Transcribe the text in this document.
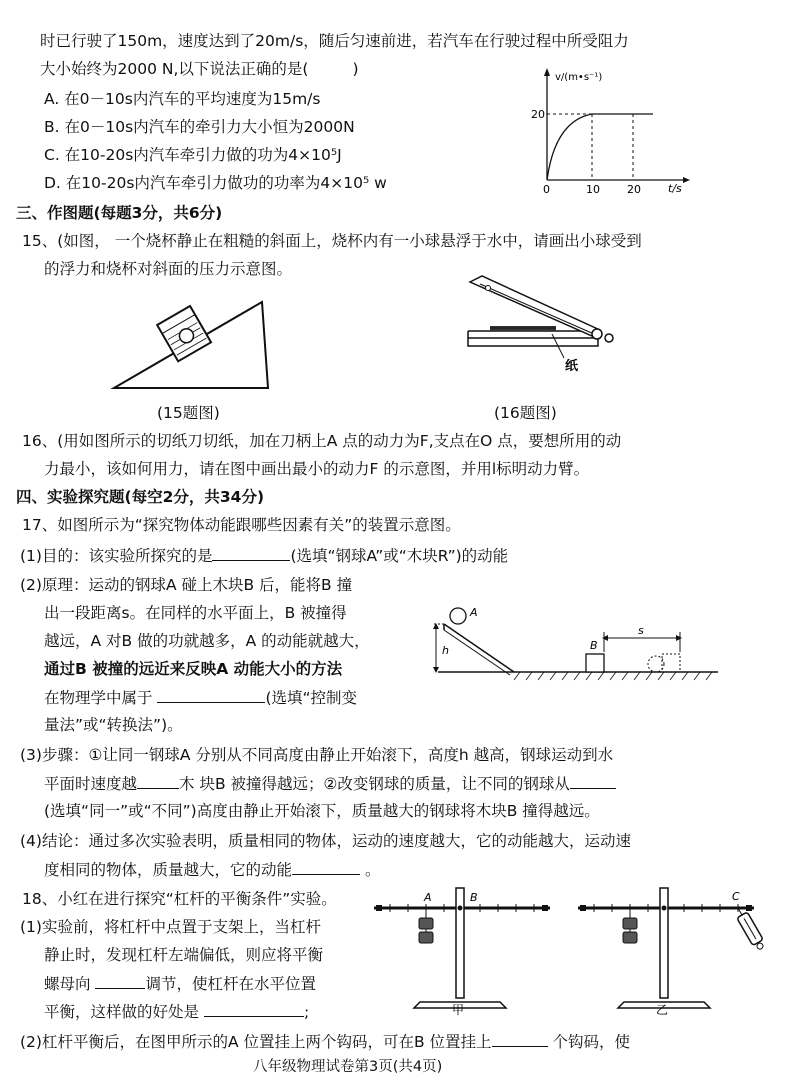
时已行驶了150m，速度达到了20m/s，随后匀速前进，若汽车在行驶过程中所受阻力
大小始终为2000 N,以下说法正确的是(	)
A. 在0－10s内汽车的平均速度为15m/s
B. 在0－10s内汽车的牵引力大小恒为2000N
C. 在10-20s内汽车牵引力做的功为4×10⁵J
D. 在10-20s内汽车牵引力做功的功率为4×10⁵ w
v/(m•s⁻¹)
20
0	10 20 t/s
三、作图题(每题3分，共6分)
15、(如图， 一个烧杯静止在粗糙的斜面上，烧杯内有一小球悬浮于水中，请画出小球受到
的浮力和烧杯对斜面的压力示意图。
(15题图)
纸
(16题图)
16、(用如图所示的切纸刀切纸，加在刀柄上A 点的动力为F,支点在O 点，要想所用的动
力最小，该如何用力，请在图中画出最小的动力F 的示意图，并用l标明动力臂。
四、实验探究题(每空2分，共34分)
17、如图所示为“探究物体动能跟哪些因素有关”的装置示意图。
(1)目的：该实验所探究的是	(选填“钢球A”或“木块R”)的动能
(2)原理：运动的钢球A 碰上木块B 后，能将B 撞
出一段距离s。在同样的水平面上，B 被撞得
越远，A 对B 做的功就越多，A 的动能就越大，
通过B 被撞的远近来反映A 动能大小的方法
在物理学中属于	(选填“控制变
量法”或“转换法”)。
A
h	B
s
(3)步骤：①让同一钢球A 分别从不同高度由静止开始滚下，高度h 越高，钢球运动到水
平面时速度越	木 块B 被撞得越远；②改变钢球的质量，让不同的钢球从
(选填“同一”或“不同”)高度由静止开始滚下，质量越大的钢球将木块B 撞得越远。
(4)结论：通过多次实验表明，质量相同的物体，运动的速度越大，它的动能越大，运动速
度相同的物体，质量越大，它的动能	。
18、小红在进行探究“杠杆的平衡条件”实验。
(1)实验前，将杠杆中点置于支架上，当杠杆
静止时，发现杠杆左端偏低，则应将平衡
螺母向	调节，使杠杆在水平位置
平衡，这样做的好处是	;
(2)杠杆平衡后，在图甲所示的A 位置挂上两个钩码，可在B 位置挂上	个钩码，使
A	B
甲
C
乙
八年级物理试卷第3页(共4页)
